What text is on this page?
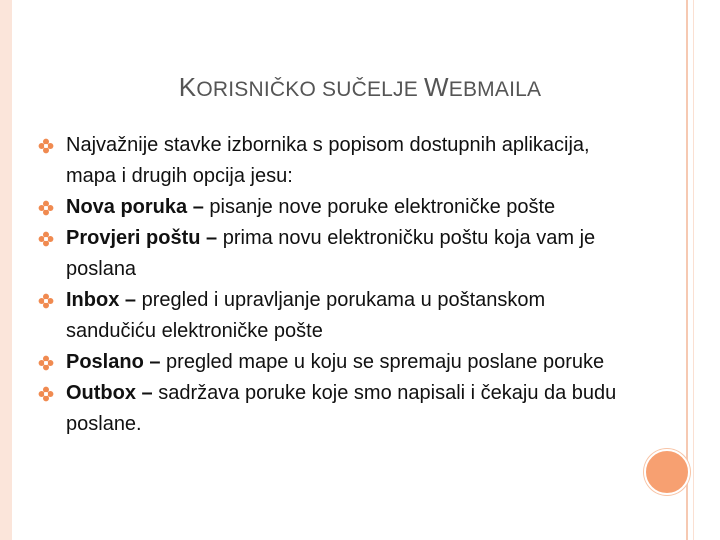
KORISNIČKO SUČELJE WEBMAILA
Najvažnije stavke izbornika s popisom dostupnih aplikacija, mapa i drugih opcija jesu:
Nova poruka – pisanje nove poruke elektroničke pošte
Provjeri poštu – prima novu elektroničku poštu koja vam je poslana
Inbox – pregled i upravljanje porukama u poštanskom sandučiću elektroničke pošte
Poslano – pregled mape u koju se spremaju poslane poruke
Outbox – sadržava poruke koje smo napisali i čekaju da budu poslane.
